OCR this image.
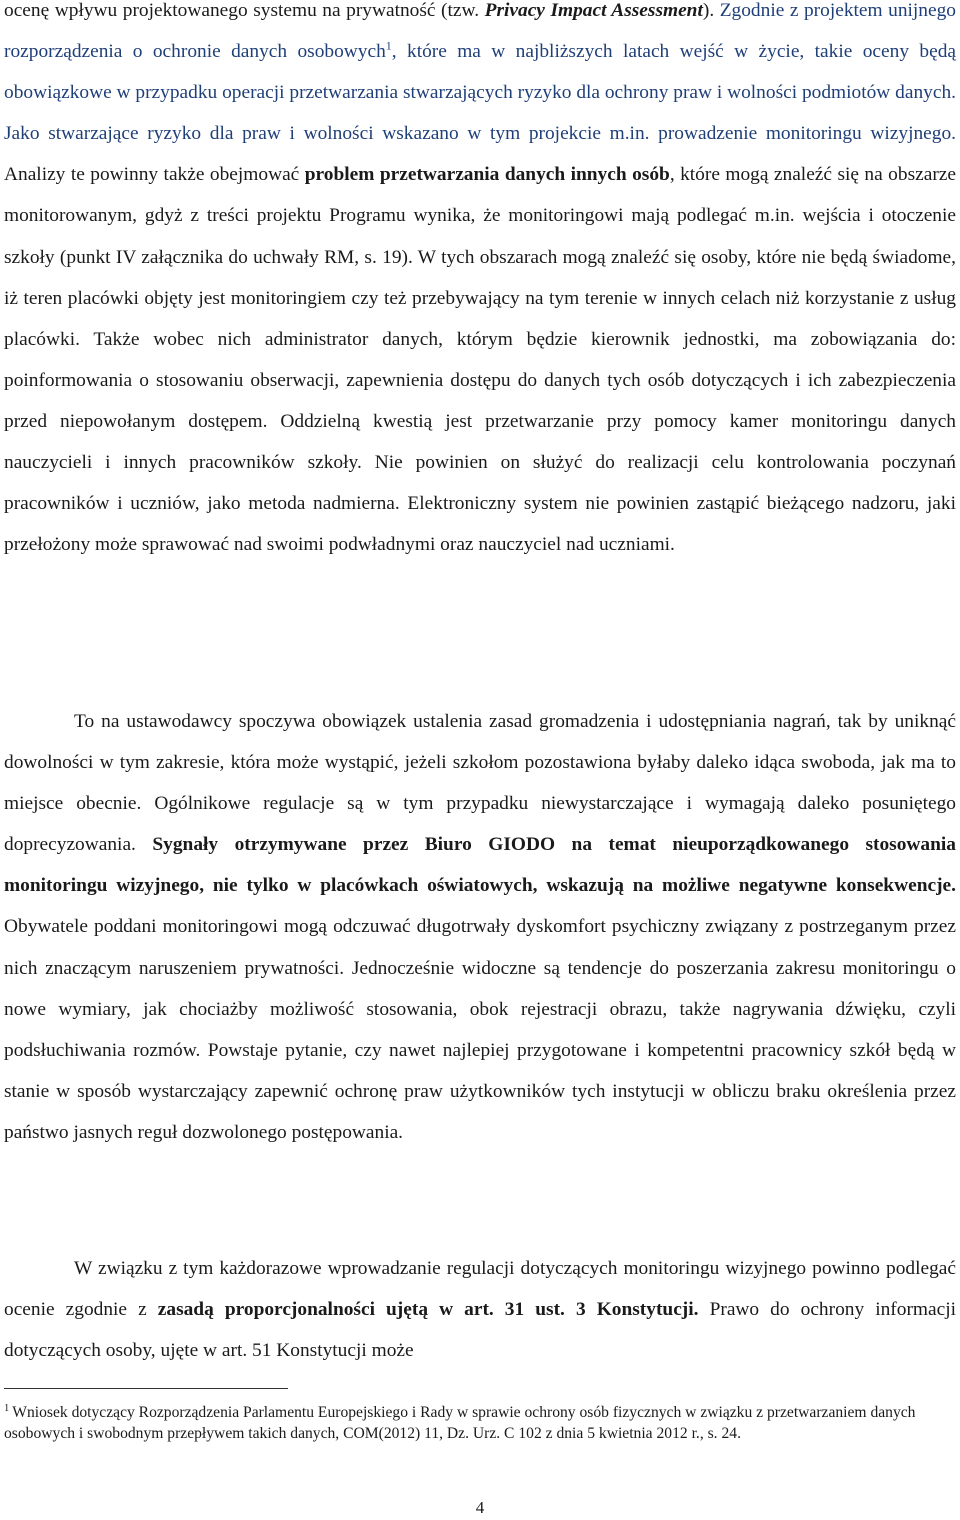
ocenę wpływu projektowanego systemu na prywatność (tzw. Privacy Impact Assessment). Zgodnie z projektem unijnego rozporządzenia o ochronie danych osobowych$^1$, które ma w najbliższych latach wejść w życie, takie oceny będą obowiązkowe w przypadku operacji przetwarzania stwarzających ryzyko dla ochrony praw i wolności podmiotów danych. Jako stwarzające ryzyko dla praw i wolności wskazano w tym projekcie m.in. prowadzenie monitoringu wizyjnego. Analizy te powinny także obejmować problem przetwarzania danych innych osób, które mogą znaleźć się na obszarze monitorowanym, gdyż z treści projektu Programu wynika, że monitoringowi mają podlegać m.in. wejścia i otoczenie szkoły (punkt IV załącznika do uchwały RM, s. 19). W tych obszarach mogą znaleźć się osoby, które nie będą świadome, iż teren placówki objęty jest monitoringiem czy też przebywający na tym terenie w innych celach niż korzystanie z usług placówki. Także wobec nich administrator danych, którym będzie kierownik jednostki, ma zobowiązania do: poinformowania o stosowaniu obserwacji, zapewnienia dostępu do danych tych osób dotyczących i ich zabezpieczenia przed niepowołanym dostępem. Oddzielną kwestią jest przetwarzanie przy pomocy kamer monitoringu danych nauczycieli i innych pracowników szkoły. Nie powinien on służyć do realizacji celu kontrolowania poczynań pracowników i uczniów, jako metoda nadmierna. Elektroniczny system nie powinien zastąpić bieżącego nadzoru, jaki przełożony może sprawować nad swoimi podwładnymi oraz nauczyciel nad uczniami.

To na ustawodawcy spoczywa obowiązek ustalenia zasad gromadzenia i udostępniania nagrań, tak by uniknąć dowolności w tym zakresie, która może wystąpić, jeżeli szkołom pozostawiona byłaby daleko idąca swoboda, jak ma to miejsce obecnie. Ogólnikowe regulacje są w tym przypadku niewystarczające i wymagają daleko posuniętego doprecyzowania. Sygnały otrzymywane przez Biuro GIODO na temat nieuporządkowanego stosowania monitoringu wizyjnego, nie tylko w placówkach oświatowych, wskazują na możliwe negatywne konsekwencje. Obywatele poddani monitoringowi mogą odczuwać długotrwały dyskomfort psychiczny związany z postrzeganym przez nich znaczącym naruszeniem prywatności. Jednocześnie widoczne są tendencje do poszerzania zakresu monitoringu o nowe wymiary, jak chociażby możliwość stosowania, obok rejestracji obrazu, także nagrywania dźwięku, czyli podsłuchiwania rozmów. Powstaje pytanie, czy nawet najlepiej przygotowane i kompetentni pracownicy szkół będą w stanie w sposób wystarczający zapewnić ochronę praw użytkowników tych instytucji w obliczu braku określenia przez państwo jasnych reguł dozwolonego postępowania.

W związku z tym każdorazowe wprowadzanie regulacji dotyczących monitoringu wizyjnego powinno podlegać ocenie zgodnie z zasadą proporcjonalności ujętą w art. 31 ust. 3 Konstytucji. Prawo do ochrony informacji dotyczących osoby, ujęte w art. 51 Konstytucji może

$^1$ Wniosek dotyczący Rozporządzenia Parlamentu Europejskiego i Rady w sprawie ochrony osób fizycznych w związku z przetwarzaniem danych osobowych i swobodnym przepływem takich danych, COM(2012) 11, Dz. Urz. C 102 z dnia 5 kwietnia 2012 r., s. 24.

4
